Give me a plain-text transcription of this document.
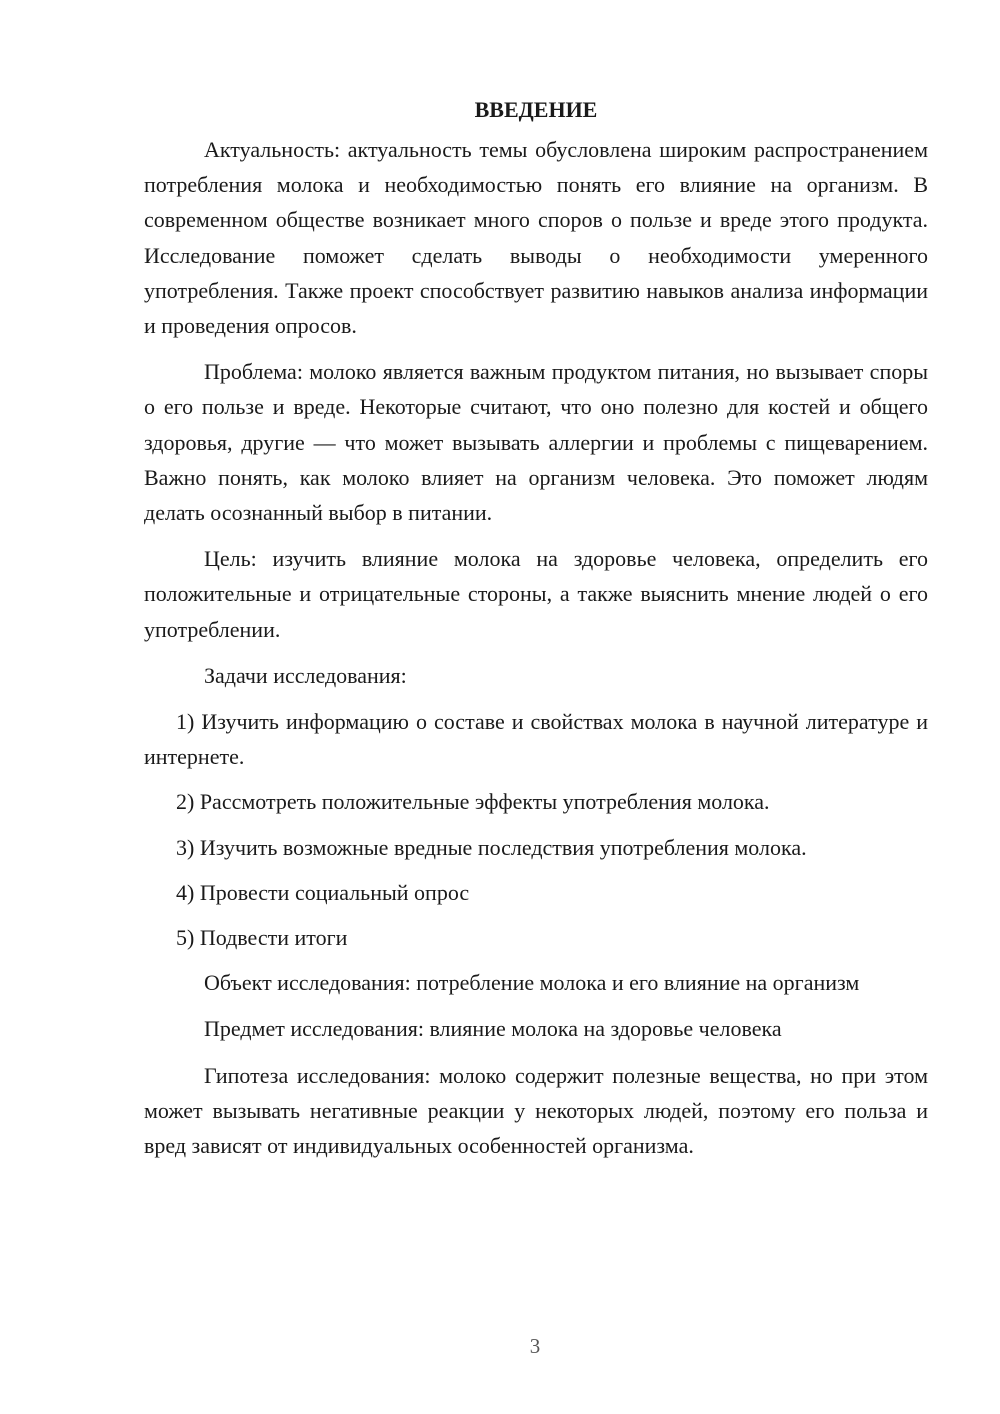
ВВЕДЕНИЕ

Актуальность: актуальность темы обусловлена широким распространением потребления молока и необходимостью понять его влияние на организм. В современном обществе возникает много споров о пользе и вреде этого продукта. Исследование поможет сделать выводы о необходимости умеренного употребления. Также проект способствует развитию навыков анализа информации и проведения опросов.

Проблема: молоко является важным продуктом питания, но вызывает споры о его пользе и вреде. Некоторые считают, что оно полезно для костей и общего здоровья, другие — что может вызывать аллергии и проблемы с пищеварением. Важно понять, как молоко влияет на организм человека. Это поможет людям делать осознанный выбор в питании.

Цель: изучить влияние молока на здоровье человека, определить его положительные и отрицательные стороны, а также выяснить мнение людей о его употреблении.

Задачи исследования:

1) Изучить информацию о составе и свойствах молока в научной литературе и интернете.

2) Рассмотреть положительные эффекты употребления молока.

3) Изучить возможные вредные последствия употребления молока.

4) Провести социальный опрос

5) Подвести итоги

Объект исследования: потребление молока и его влияние на организм

Предмет исследования: влияние молока на здоровье человека

Гипотеза исследования: молоко содержит полезные вещества, но при этом может вызывать негативные реакции у некоторых людей, поэтому его польза и вред зависят от индивидуальных особенностей организма.

3
